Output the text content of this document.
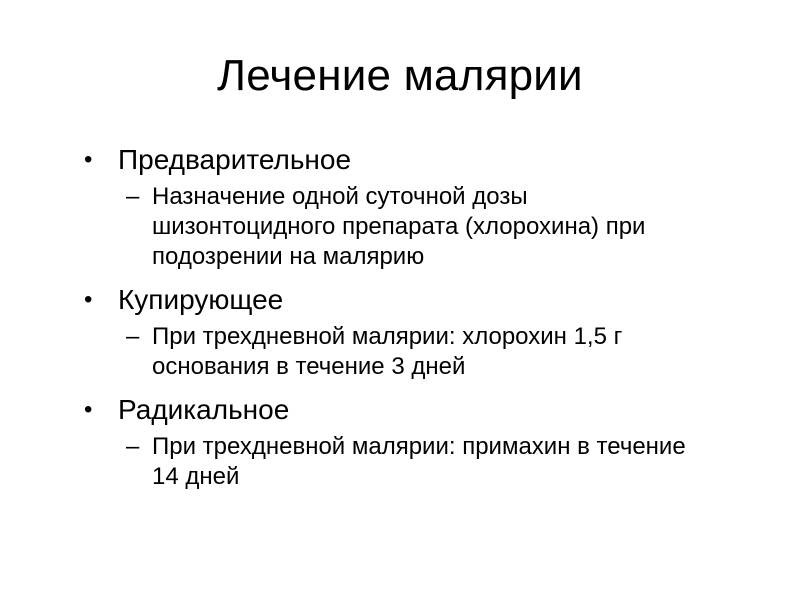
Лечение малярии
• Предварительное
– Назначение одной суточной дозы шизонтоцидного препарата (хлорохина) при подозрении на малярию
• Купирующее
– При трехдневной малярии: хлорохин 1,5 г основания в течение 3 дней
• Радикальное
– При трехдневной малярии: примахин в течение 14 дней
